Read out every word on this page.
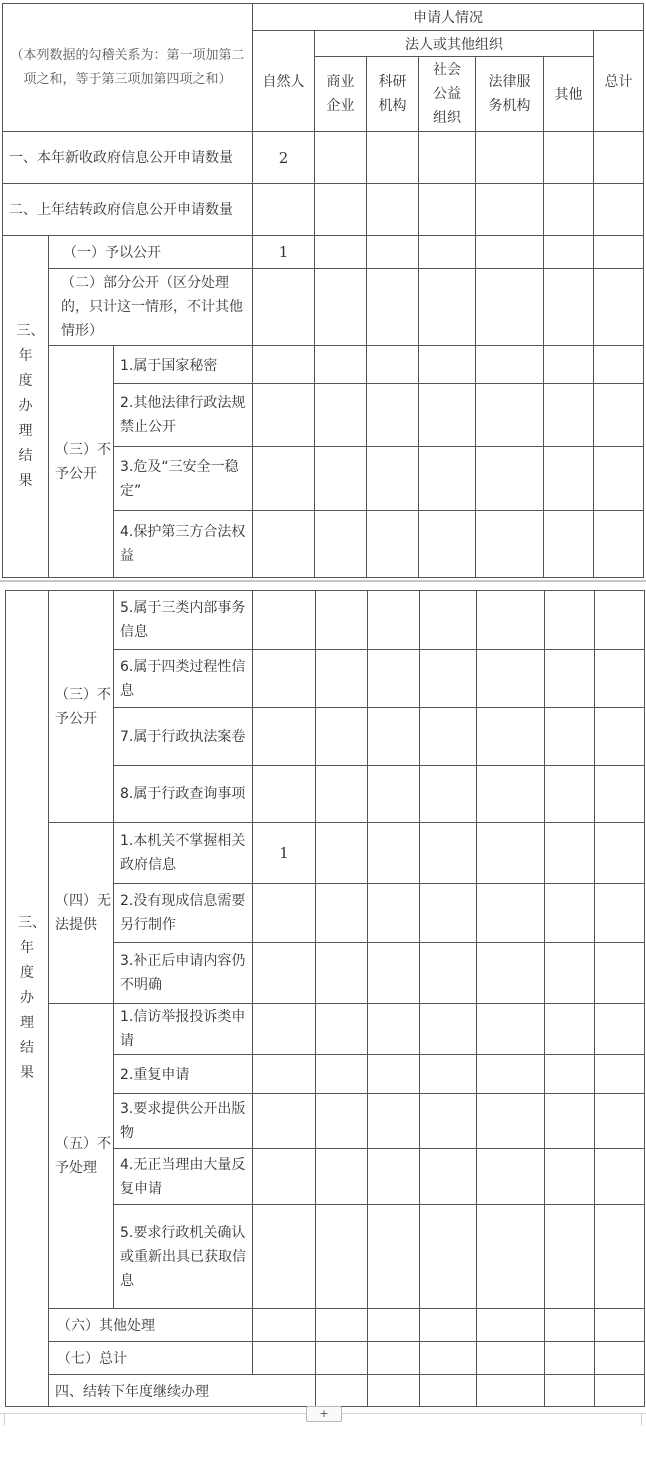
（本列数据的勾稽关系为：第一项加第二项之和，等于第三项加第四项之和）			申请人情况						
			自然人	法人或其他组织					总计
				商业企业	科研机构	社会公益组织	法律服务机构	其他	
一、本年新收政府信息公开申请数量			2						
二、上年结转政府信息公开申请数量									
三、年度办理结果	（一）予以公开		1						
	（二）部分公开（区分处理的，只计这一情形，不计其他情形）								
	（三）不予公开	1.属于国家秘密							
		2.其他法律行政法规禁止公开							
		3.危及“三安全一稳定”							
		4.保护第三方合法权益							
三、年度办理结果	（三）不予公开	5.属于三类内部事务信息								
		6.属于四类过程性信息								
		7.属于行政执法案卷								
		8.属于行政查询事项								
	（四）无法提供	1.本机关不掌握相关政府信息	1							
		2.没有现成信息需要另行制作								
		3.补正后申请内容仍不明确								
	（五）不予处理	1.信访举报投诉类申请								
		2.重复申请								
		3.要求提供公开出版物								
		4.无正当理由大量反复申请								
		5.要求行政机关确认或重新出具已获取信息								
	（六）其他处理									
	（七）总计									
	四、结转下年度继续办理									
+
